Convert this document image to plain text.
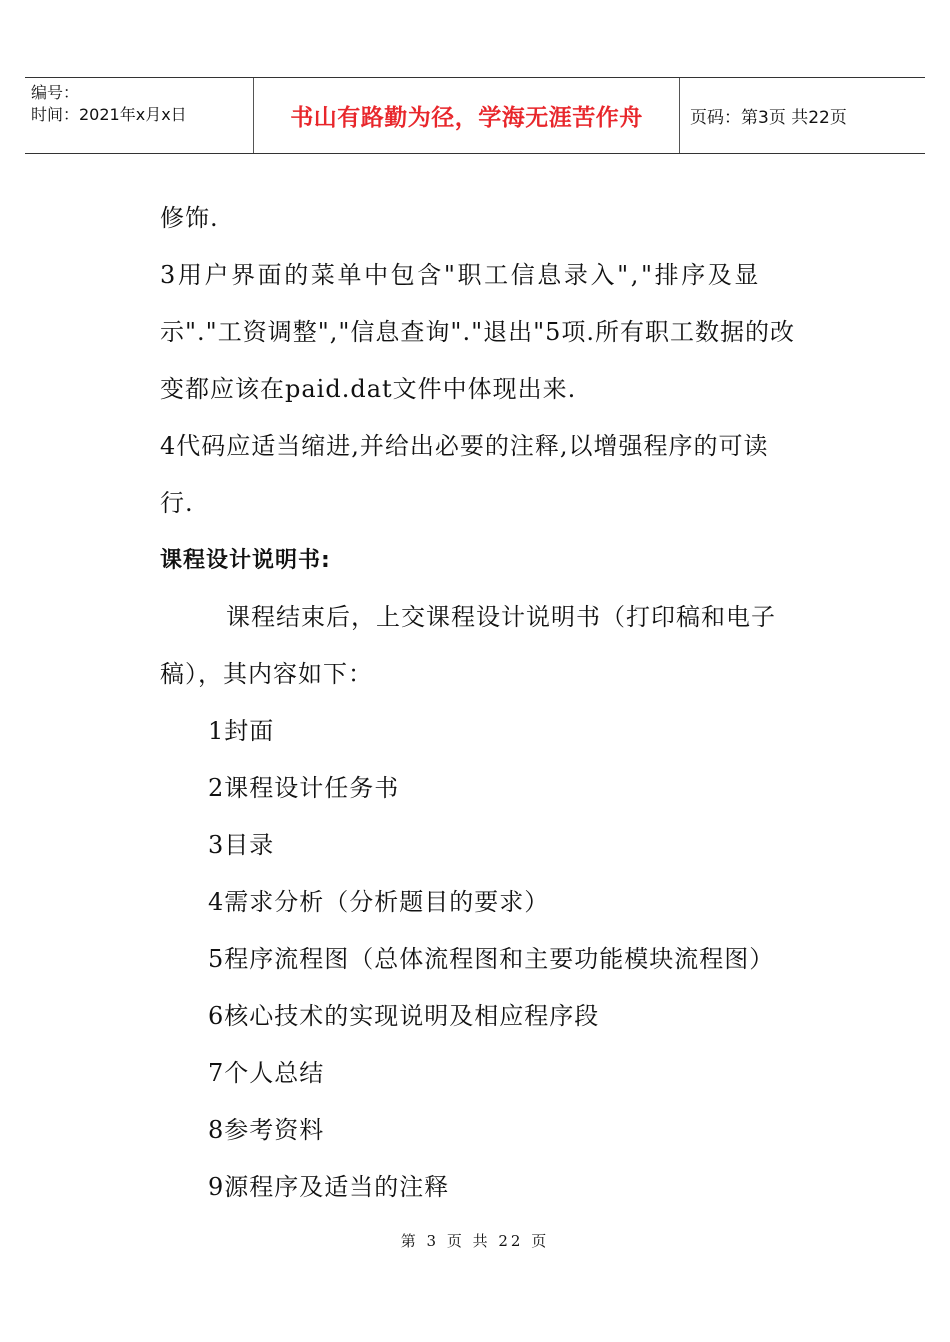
编号：
时间：2021年x月x日	书山有路勤为径，学海无涯苦作舟	页码：第3页 共22页
修饰.
3用户界面的菜单中包含"职工信息录入","排序及显
示"."工资调整","信息查询"."退出"5项.所有职工数据的改
变都应该在paid.dat文件中体现出来.
4代码应适当缩进,并给出必要的注释,以增强程序的可读
行.
课程设计说明书:
课程结束后，上交课程设计说明书（打印稿和电子
稿），其内容如下：
1封面
2课程设计任务书
3目录
4需求分析（分析题目的要求）
5程序流程图（总体流程图和主要功能模块流程图）
6核心技术的实现说明及相应程序段
7个人总结
8参考资料
9源程序及适当的注释
第 3 页 共 22 页
